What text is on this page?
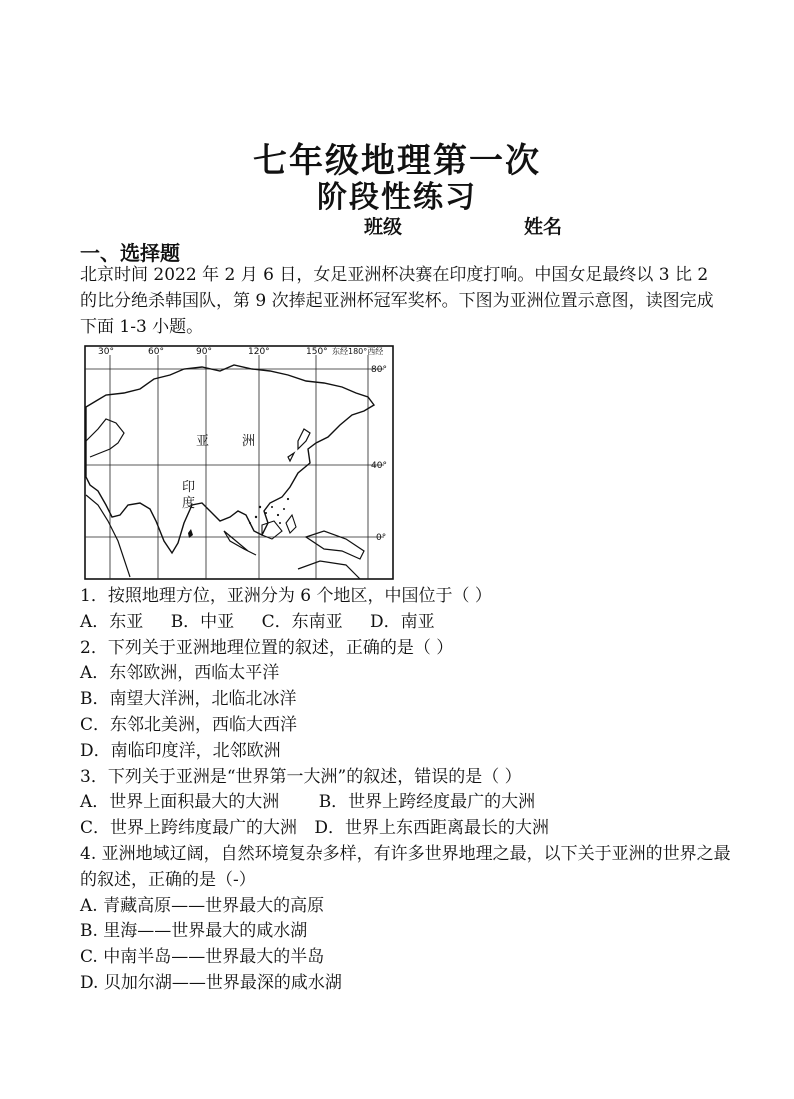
七年级地理第一次
阶段性练习
班级	姓名
一、选择题
北京时间 2022 年 2 月 6 日，女足亚洲杯决赛在印度打响。中国女足最终以 3 比 2 的比分绝杀韩国队，第 9 次捧起亚洲杯冠军奖杯。下图为亚洲位置示意图，读图完成下面 1-3 小题。
30°	60°	90°	120°	150° 东经180°西经
80°
40°
0°
亚	洲
印
度
1．按照地理方位，亚洲分为 6 个地区，中国位于（ ）
A．东亚 B．中亚 C．东南亚 D．南亚
2．下列关于亚洲地理位置的叙述，正确的是（ ）
A．东邻欧洲，西临太平洋
B．南望大洋洲，北临北冰洋
C．东邻北美洲，西临大西洋
D．南临印度洋，北邻欧洲
3．下列关于亚洲是“世界第一大洲”的叙述，错误的是（ ）
A．世界上面积最大的大洲 B．世界上跨经度最广的大洲
C．世界上跨纬度最广的大洲 D．世界上东西距离最长的大洲
4. 亚洲地域辽阔，自然环境复杂多样，有许多世界地理之最，以下关于亚洲的世界之最的叙述，正确的是（-）
A. 青藏高原——世界最大的高原
B. 里海——世界最大的咸水湖
C. 中南半岛——世界最大的半岛
D. 贝加尔湖——世界最深的咸水湖
